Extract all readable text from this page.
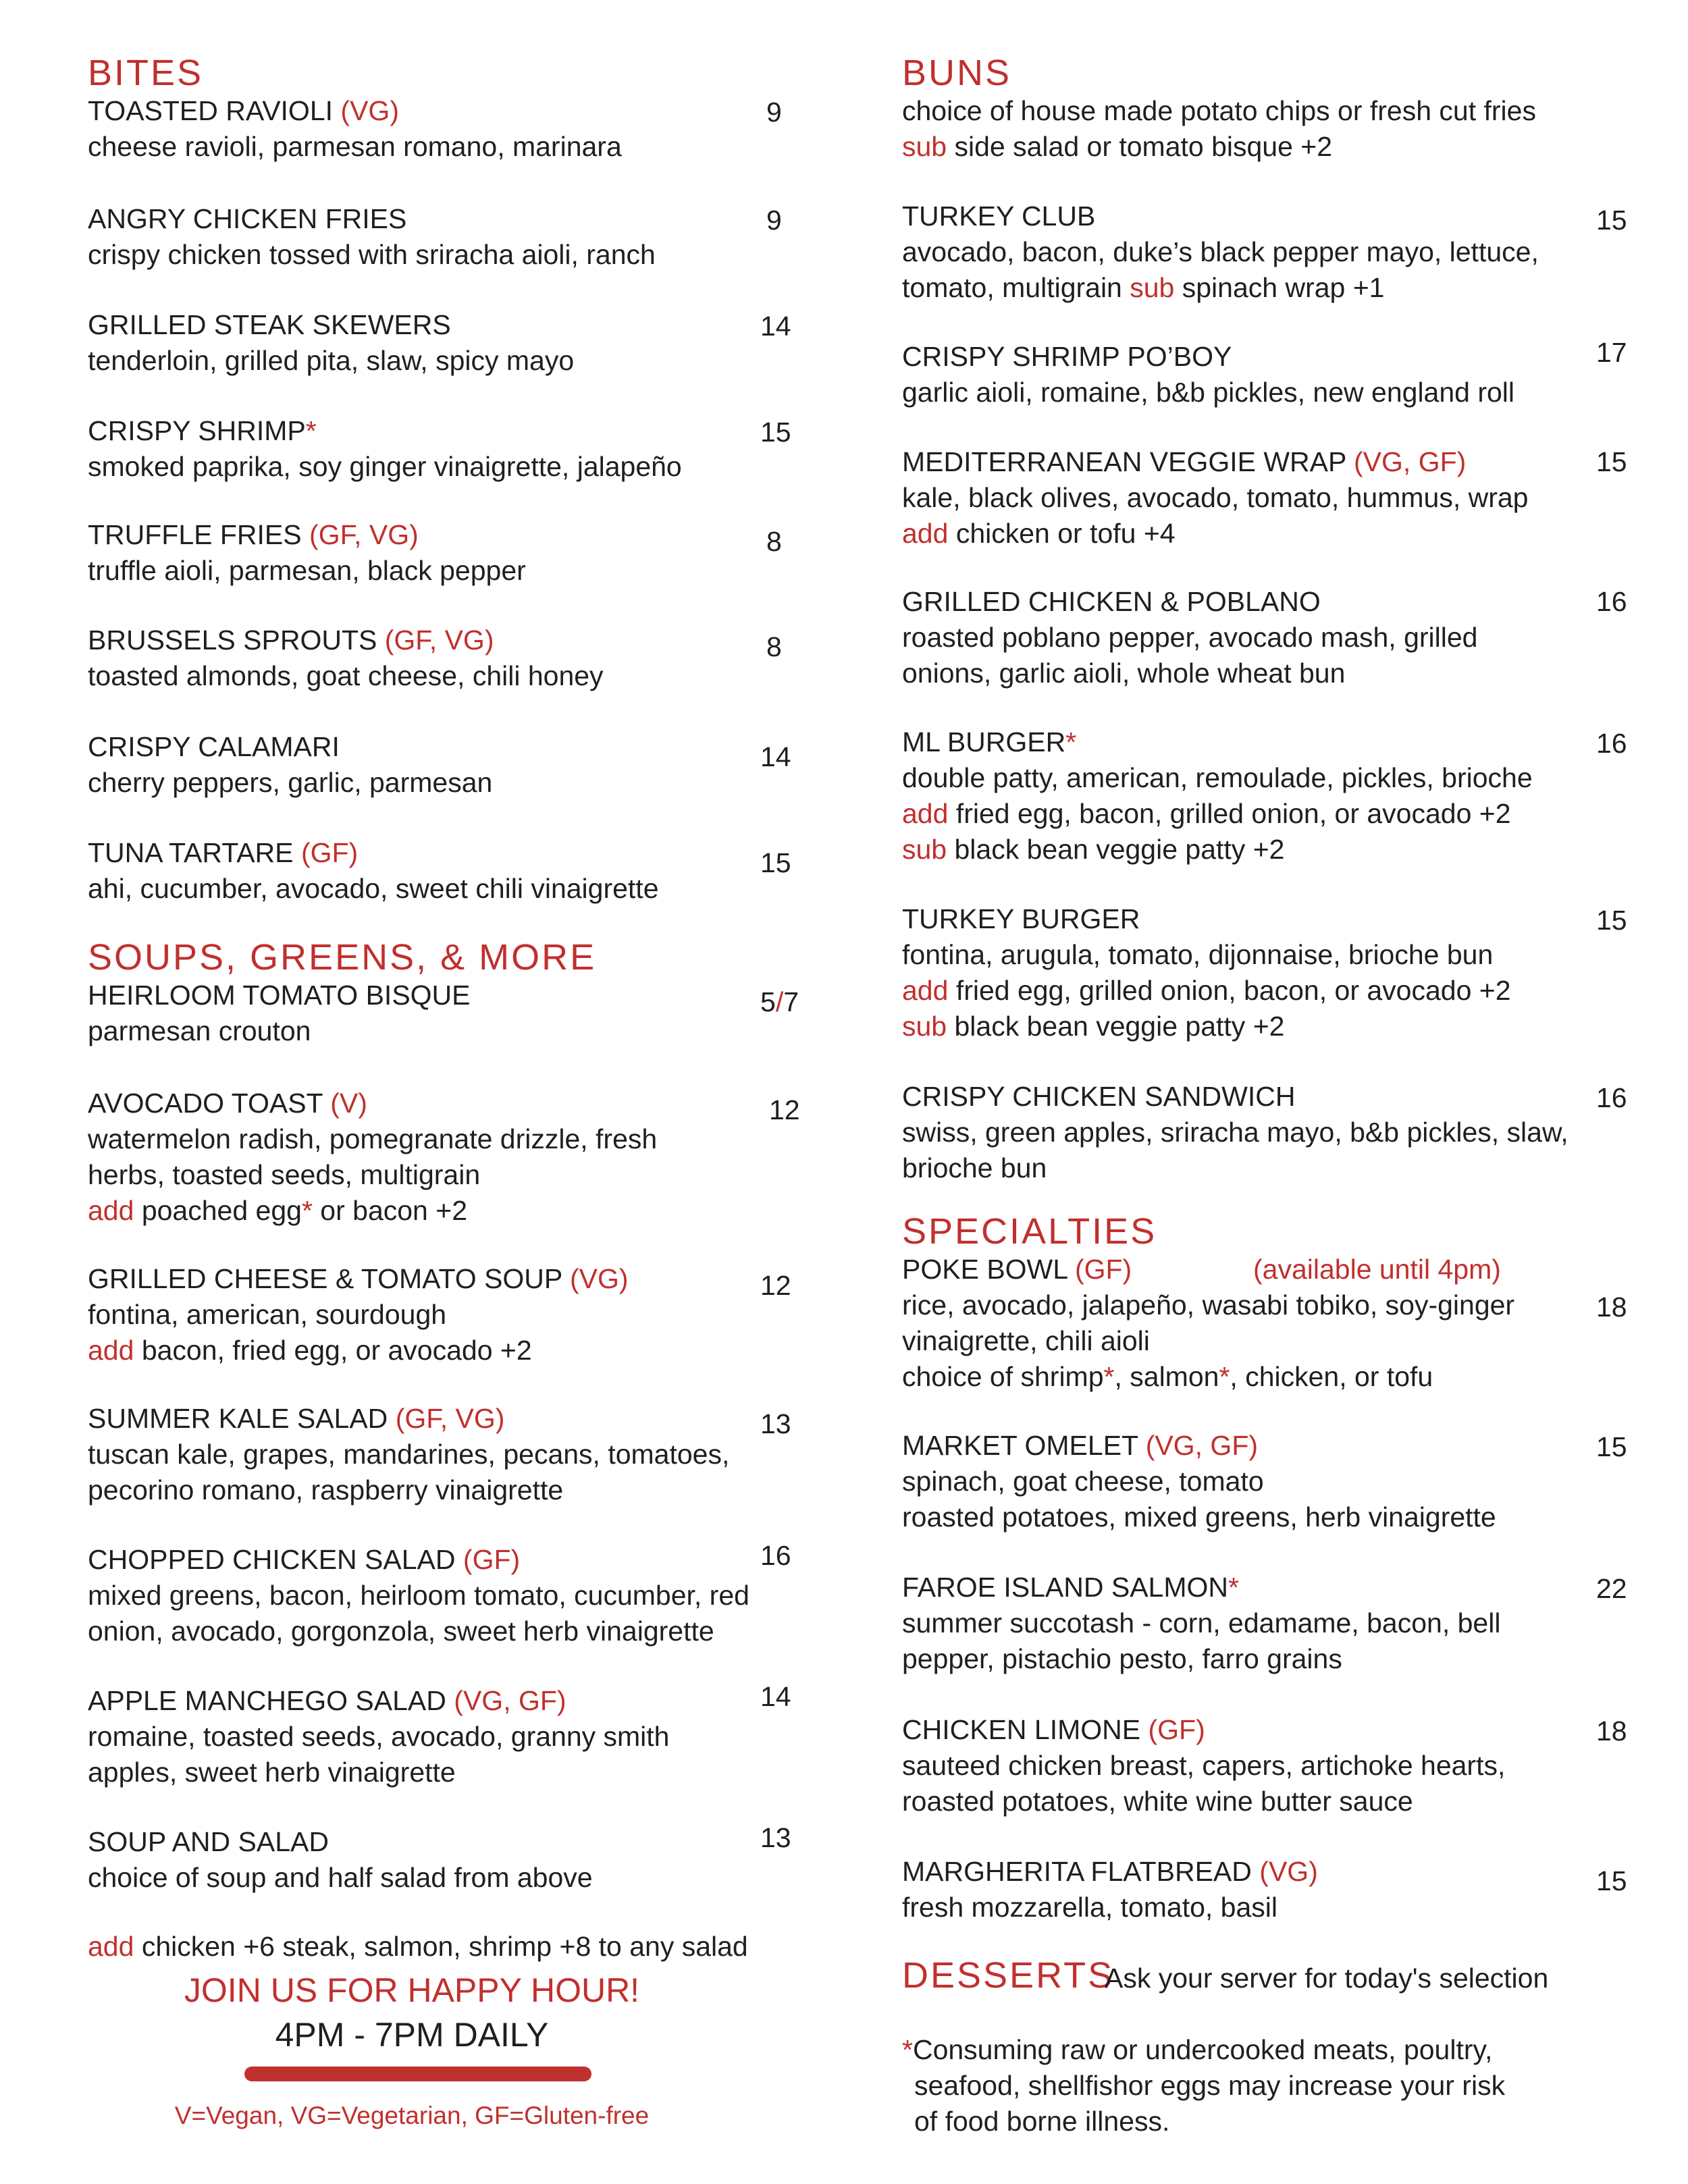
BITES
TOASTED RAVIOLI (VG)
cheese ravioli, parmesan romano, marinara
9
ANGRY CHICKEN FRIES
crispy chicken tossed with sriracha aioli, ranch
9
GRILLED STEAK SKEWERS
tenderloin, grilled pita, slaw, spicy mayo
14
CRISPY SHRIMP*
smoked paprika, soy ginger vinaigrette, jalapeño
15
TRUFFLE FRIES (GF, VG)
truffle aioli, parmesan, black pepper
8
BRUSSELS SPROUTS (GF, VG)
toasted almonds, goat cheese, chili honey
8
CRISPY CALAMARI
cherry peppers, garlic, parmesan
14
TUNA TARTARE (GF)
ahi, cucumber, avocado, sweet chili vinaigrette
15
SOUPS, GREENS, & MORE
HEIRLOOM TOMATO BISQUE
parmesan crouton
5/7
AVOCADO TOAST (V)
watermelon radish, pomegranate drizzle, fresh
herbs, toasted seeds, multigrain
add poached egg* or bacon +2
12
GRILLED CHEESE & TOMATO SOUP (VG)
fontina, american, sourdough
add bacon, fried egg, or avocado +2
12
SUMMER KALE SALAD (GF, VG)
tuscan kale, grapes, mandarines, pecans, tomatoes,
pecorino romano, raspberry vinaigrette
13
CHOPPED CHICKEN SALAD (GF)
mixed greens, bacon, heirloom tomato, cucumber, red
onion, avocado, gorgonzola, sweet herb vinaigrette
16
APPLE MANCHEGO SALAD (VG, GF)
romaine, toasted seeds, avocado, granny smith
apples, sweet herb vinaigrette
14
SOUP AND SALAD
choice of soup and half salad from above
13
add chicken +6 steak, salmon, shrimp +8 to any salad
JOIN US FOR HAPPY HOUR!
4PM - 7PM DAILY
V=Vegan, VG=Vegetarian, GF=Gluten-free
BUNS
choice of house made potato chips or fresh cut fries
sub side salad or tomato bisque +2
TURKEY CLUB
avocado, bacon, duke’s black pepper mayo, lettuce,
tomato, multigrain sub spinach wrap +1
15
CRISPY SHRIMP PO’BOY
garlic aioli, romaine, b&b pickles, new england roll
17
MEDITERRANEAN VEGGIE WRAP (VG, GF)
kale, black olives, avocado, tomato, hummus, wrap
add chicken or tofu +4
15
GRILLED CHICKEN & POBLANO
roasted poblano pepper, avocado mash, grilled
onions, garlic aioli, whole wheat bun
16
ML BURGER*
double patty, american, remoulade, pickles, brioche
add fried egg, bacon, grilled onion, or avocado +2
sub black bean veggie patty +2
16
TURKEY BURGER
fontina, arugula, tomato, dijonnaise, brioche bun
add fried egg, grilled onion, bacon, or avocado +2
sub black bean veggie patty +2
15
CRISPY CHICKEN SANDWICH
swiss, green apples, sriracha mayo, b&b pickles, slaw,
brioche bun
16
SPECIALTIES
POKE BOWL (GF)
rice, avocado, jalapeño, wasabi tobiko, soy-ginger
vinaigrette, chili aioli
choice of shrimp*, salmon*, chicken, or tofu
(available until 4pm)
18
MARKET OMELET (VG, GF)
spinach, goat cheese, tomato
roasted potatoes, mixed greens, herb vinaigrette
15
FAROE ISLAND SALMON*
summer succotash - corn, edamame, bacon, bell
pepper, pistachio pesto, farro grains
22
CHICKEN LIMONE (GF)
sauteed chicken breast, capers, artichoke hearts,
roasted potatoes, white wine butter sauce
18
MARGHERITA FLATBREAD (VG)
fresh mozzarella, tomato, basil
15
DESSERTS
Ask your server for today's selection
*Consuming raw or undercooked meats, poultry,
seafood, shellfishor eggs may increase your risk
of food borne illness.
